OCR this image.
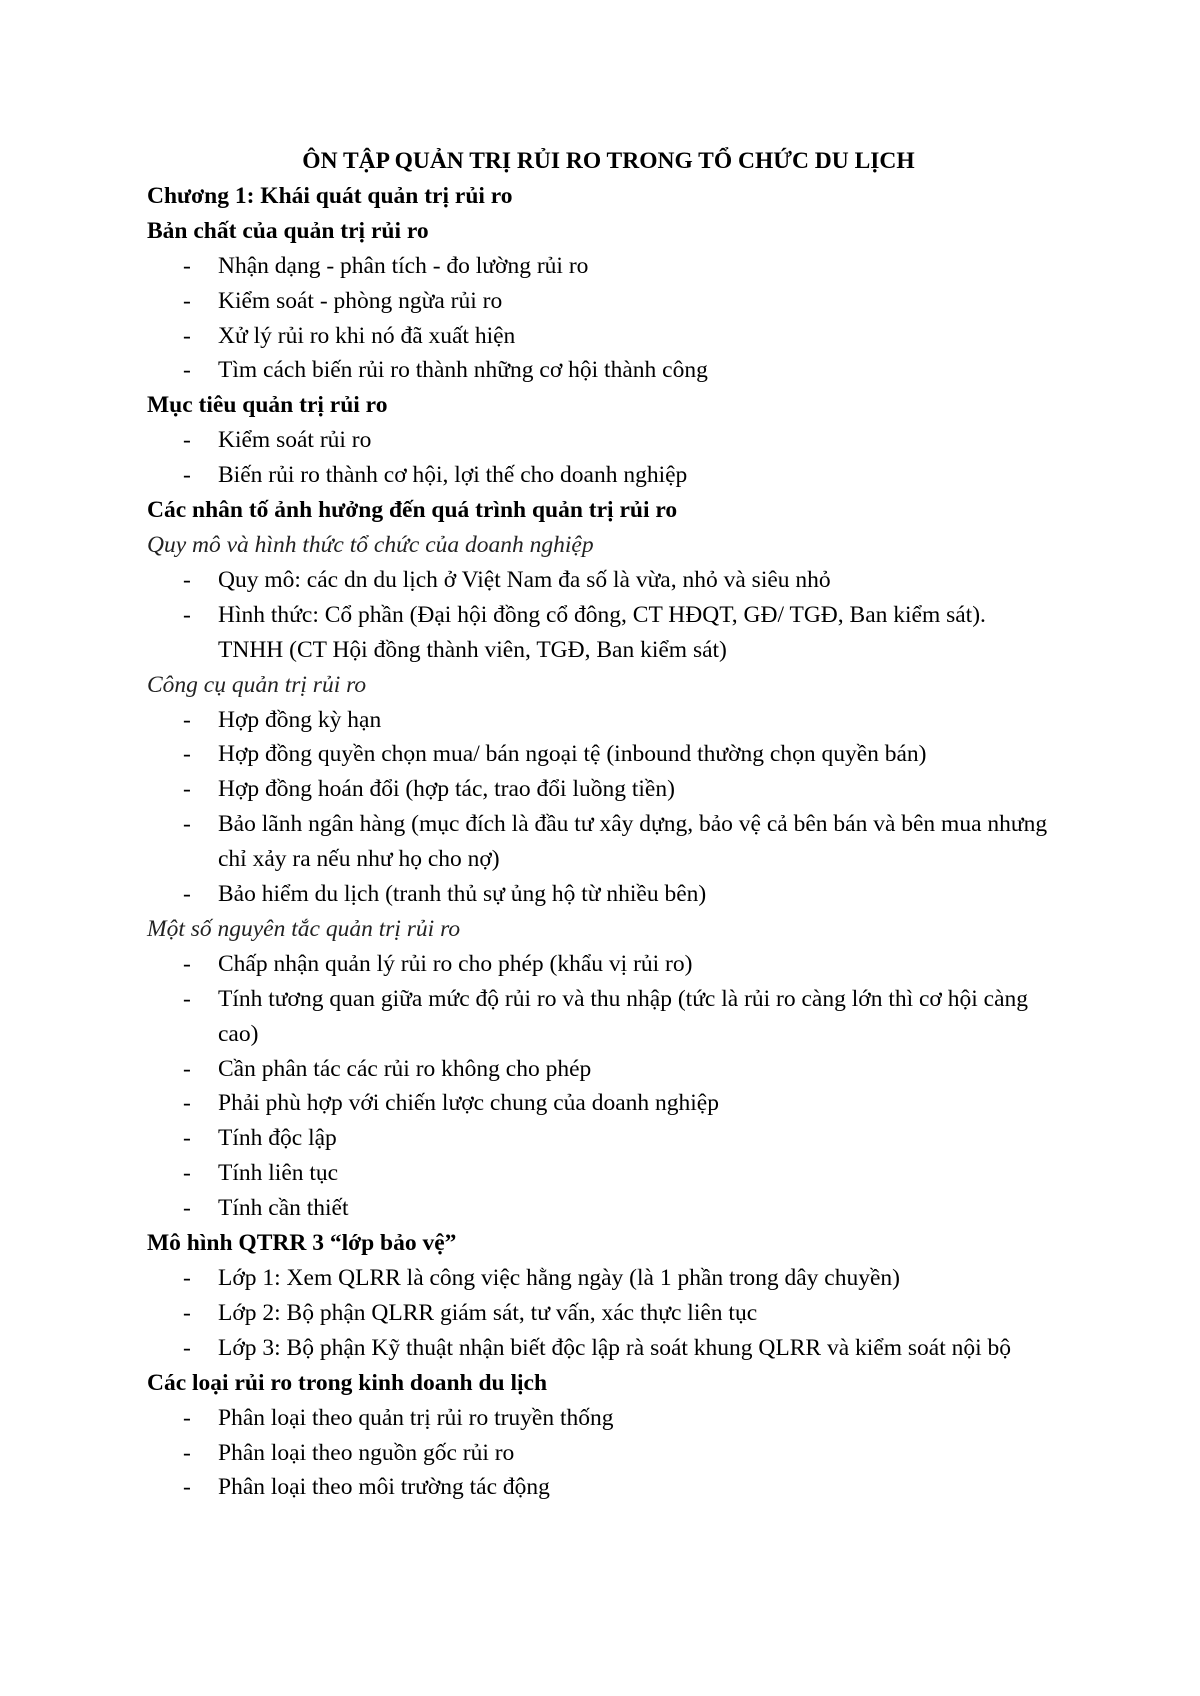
ÔN TẬP QUẢN TRỊ RỦI RO TRONG TỔ CHỨC DU LỊCH

Chương 1: Khái quát quản trị rủi ro

Bản chất của quản trị rủi ro

- Nhận dạng - phân tích - đo lường rủi ro
- Kiểm soát - phòng ngừa rủi ro
- Xử lý rủi ro khi nó đã xuất hiện
- Tìm cách biến rủi ro thành những cơ hội thành công

Mục tiêu quản trị rủi ro

- Kiểm soát rủi ro
- Biến rủi ro thành cơ hội, lợi thế cho doanh nghiệp

Các nhân tố ảnh hưởng đến quá trình quản trị rủi ro

Quy mô và hình thức tổ chức của doanh nghiệp

- Quy mô: các dn du lịch ở Việt Nam đa số là vừa, nhỏ và siêu nhỏ
- Hình thức: Cổ phần (Đại hội đồng cổ đông, CT HĐQT, GĐ/ TGĐ, Ban kiểm sát). TNHH (CT Hội đồng thành viên, TGĐ, Ban kiểm sát)

Công cụ quản trị rủi ro

- Hợp đồng kỳ hạn
- Hợp đồng quyền chọn mua/ bán ngoại tệ (inbound thường chọn quyền bán)
- Hợp đồng hoán đổi (hợp tác, trao đổi luồng tiền)
- Bảo lãnh ngân hàng (mục đích là đầu tư xây dựng, bảo vệ cả bên bán và bên mua nhưng chỉ xảy ra nếu như họ cho nợ)
- Bảo hiểm du lịch (tranh thủ sự ủng hộ từ nhiều bên)

Một số nguyên tắc quản trị rủi ro

- Chấp nhận quản lý rủi ro cho phép (khẩu vị rủi ro)
- Tính tương quan giữa mức độ rủi ro và thu nhập (tức là rủi ro càng lớn thì cơ hội càng cao)
- Cần phân tác các rủi ro không cho phép
- Phải phù hợp với chiến lược chung của doanh nghiệp
- Tính độc lập
- Tính liên tục
- Tính cần thiết

Mô hình QTRR 3 “lớp bảo vệ”

- Lớp 1: Xem QLRR là công việc hằng ngày (là 1 phần trong dây chuyền)
- Lớp 2: Bộ phận QLRR giám sát, tư vấn, xác thực liên tục
- Lớp 3: Bộ phận Kỹ thuật nhận biết độc lập rà soát khung QLRR và kiểm soát nội bộ

Các loại rủi ro trong kinh doanh du lịch

- Phân loại theo quản trị rủi ro truyền thống
- Phân loại theo nguồn gốc rủi ro
- Phân loại theo môi trường tác động
